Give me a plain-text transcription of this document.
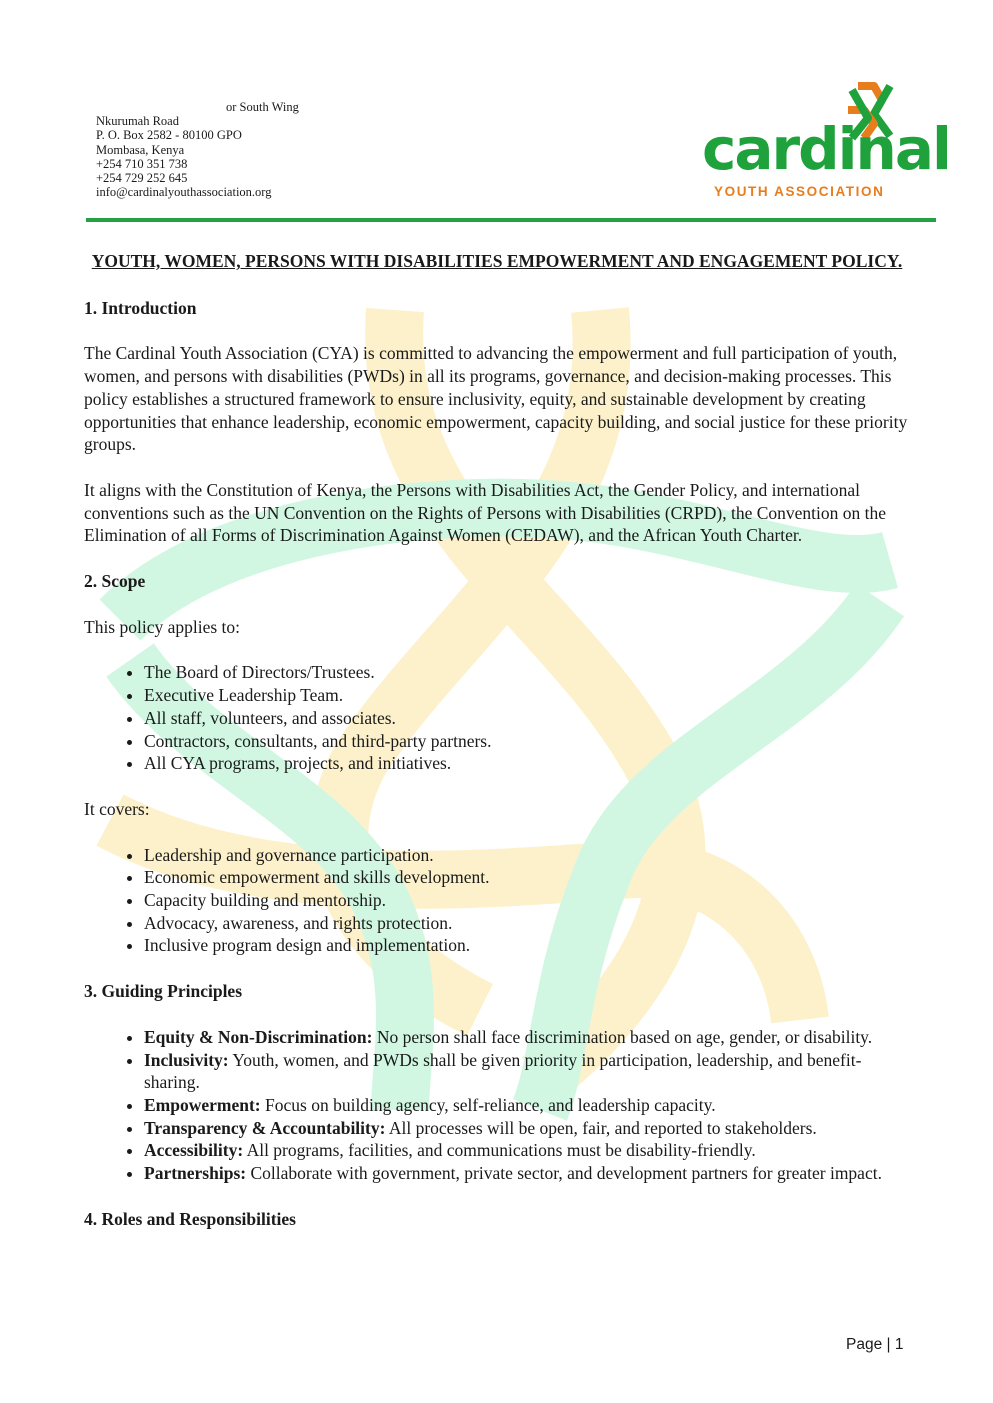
or South Wing
Nkurumah Road
P. O. Box 2582 - 80100 GPO
Mombasa, Kenya
+254 710 351 738
+254 729 252 645
info@cardinalyouthassociation.org
cardinal
YOUTH ASSOCIATION
YOUTH, WOMEN, PERSONS WITH DISABILITIES EMPOWERMENT AND ENGAGEMENT POLICY.
1. Introduction

The Cardinal Youth Association (CYA) is committed to advancing the empowerment and full participation of youth, women, and persons with disabilities (PWDs) in all its programs, governance, and decision-making processes. This policy establishes a structured framework to ensure inclusivity, equity, and sustainable development by creating opportunities that enhance leadership, economic empowerment, capacity building, and social justice for these priority groups.

It aligns with the Constitution of Kenya, the Persons with Disabilities Act, the Gender Policy, and international conventions such as the UN Convention on the Rights of Persons with Disabilities (CRPD), the Convention on the Elimination of all Forms of Discrimination Against Women (CEDAW), and the African Youth Charter.

2. Scope

This policy applies to:

• The Board of Directors/Trustees.
• Executive Leadership Team.
• All staff, volunteers, and associates.
• Contractors, consultants, and third-party partners.
• All CYA programs, projects, and initiatives.

It covers:

• Leadership and governance participation.
• Economic empowerment and skills development.
• Capacity building and mentorship.
• Advocacy, awareness, and rights protection.
• Inclusive program design and implementation.
3. Guiding Principles
• Equity & Non-Discrimination: No person shall face discrimination based on age, gender, or disability.
• Inclusivity: Youth, women, and PWDs shall be given priority in participation, leadership, and benefit-sharing.
• Empowerment: Focus on building agency, self-reliance, and leadership capacity.
• Transparency & Accountability: All processes will be open, fair, and reported to stakeholders.
• Accessibility: All programs, facilities, and communications must be disability-friendly.
• Partnerships: Collaborate with government, private sector, and development partners for greater impact.
4. Roles and Responsibilities
Page | 1
